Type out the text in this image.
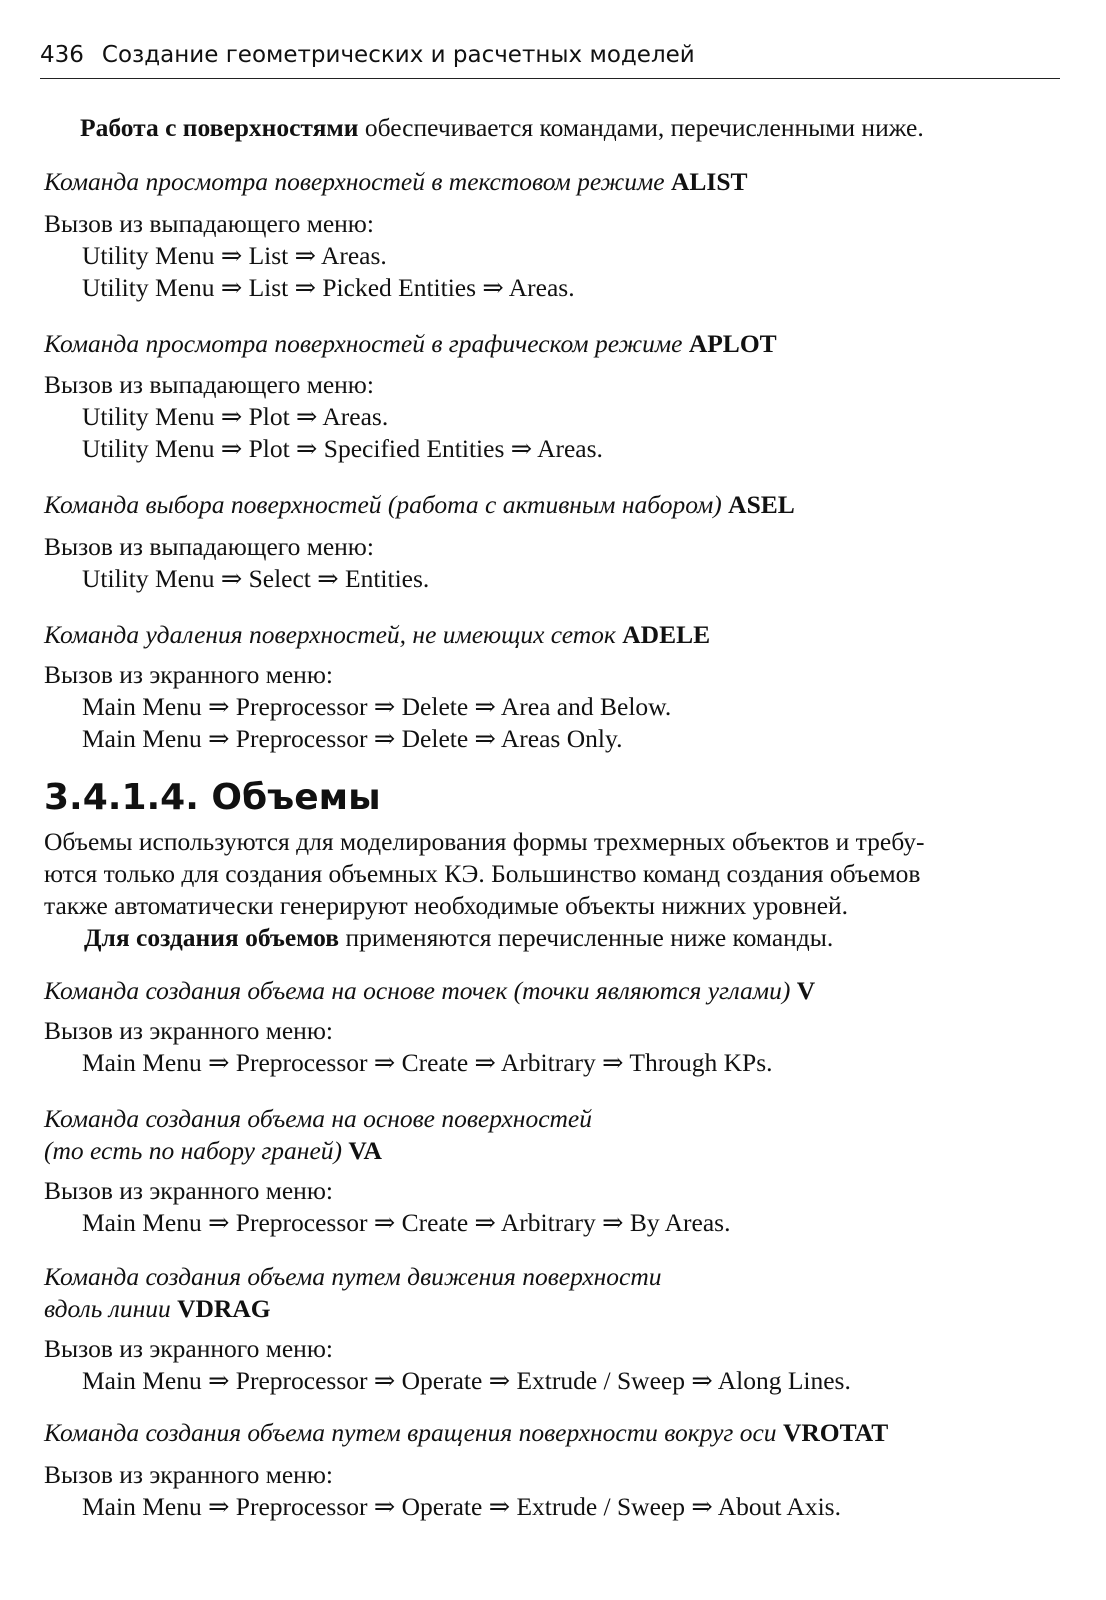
436 Создание геометрических и расчетных моделей
Работа с поверхностями обеспечивается командами, перечисленными ниже.
Команда просмотра поверхностей в текстовом режиме ALIST
Вызов из выпадающего меню:
Utility Menu ⇒ List ⇒ Areas.
Utility Menu ⇒ List ⇒ Picked Entities ⇒ Areas.
Команда просмотра поверхностей в графическом режиме APLOT
Вызов из выпадающего меню:
Utility Menu ⇒ Plot ⇒ Areas.
Utility Menu ⇒ Plot ⇒ Specified Entities ⇒ Areas.
Команда выбора поверхностей (работа с активным набором) ASEL
Вызов из выпадающего меню:
Utility Menu ⇒ Select ⇒ Entities.
Команда удаления поверхностей, не имеющих сеток ADELE
Вызов из экранного меню:
Main Menu ⇒ Preprocessor ⇒ Delete ⇒ Area and Below.
Main Menu ⇒ Preprocessor ⇒ Delete ⇒ Areas Only.
3.4.1.4. Объемы
Объемы используются для моделирования формы трехмерных объектов и требу-
ются только для создания объемных КЭ. Большинство команд создания объемов
также автоматически генерируют необходимые объекты нижних уровней.
Для создания объемов применяются перечисленные ниже команды.
Команда создания объема на основе точек (точки являются углами) V
Вызов из экранного меню:
Main Menu ⇒ Preprocessor ⇒ Create ⇒ Arbitrary ⇒ Through KPs.
Команда создания объема на основе поверхностей
(то есть по набору граней) VA
Вызов из экранного меню:
Main Menu ⇒ Preprocessor ⇒ Create ⇒ Arbitrary ⇒ By Areas.
Команда создания объема путем движения поверхности
вдоль линии VDRAG
Вызов из экранного меню:
Main Menu ⇒ Preprocessor ⇒ Operate ⇒ Extrude / Sweep ⇒ Along Lines.
Команда создания объема путем вращения поверхности вокруг оси VROTAT
Вызов из экранного меню:
Main Menu ⇒ Preprocessor ⇒ Operate ⇒ Extrude / Sweep ⇒ About Axis.
